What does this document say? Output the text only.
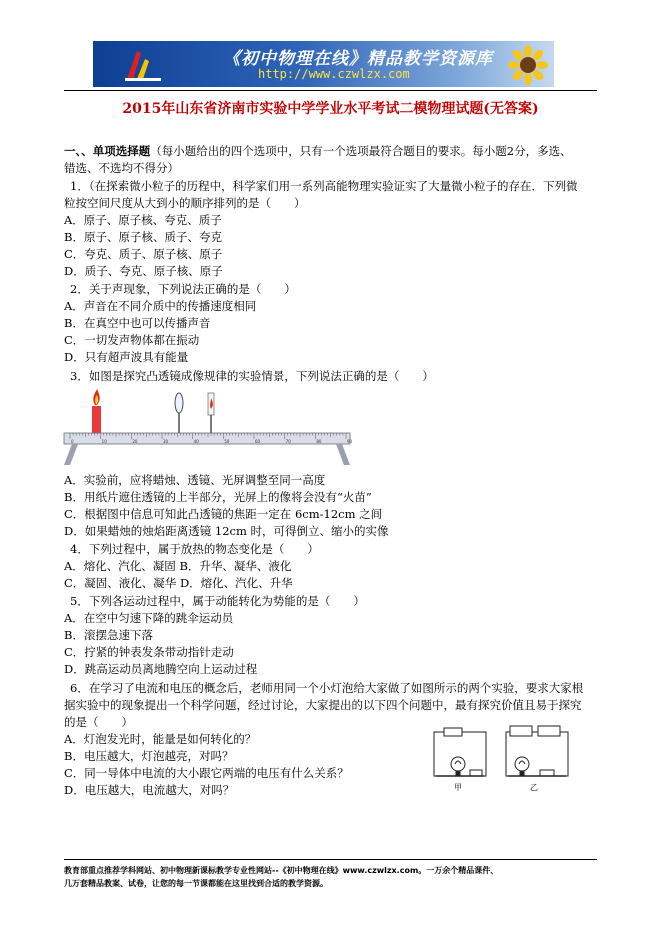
《初中物理在线》精品教学资源库
http://www.czwlzx.com
2015年山东省济南市实验中学学业水平考试二模物理试题(无答案)
一、、单项选择题（每小题给出的四个选项中，只有一个选项最符合题目的要求。每小题2分，多选、
错选、不选均不得分）
1．（在探索微小粒子的历程中，科学家们用一系列高能物理实验证实了大量微小粒子的存在．下列微
粒按空间尺度从大到小的顺序排列的是（　　）
A．原子、原子核、夸克、质子
B．原子、原子核、质子、夸克
C．夸克、质子、原子核、原子
D．质子、夸克、原子核、原子
2．关于声现象，下列说法正确的是（　　）
A．声音在不同介质中的传播速度相同
B．在真空中也可以传播声音
C．一切发声物体都在振动
D．只有超声波具有能量
3．如图是探究凸透镜成像规律的实验情景，下列说法正确的是（　　）
0	10	20	30	40	50	60	70	80	90
A．实验前，应将蜡烛、透镜、光屏调整至同一高度
B．用纸片遮住透镜的上半部分，光屏上的像将会没有“火苗”
C．根据图中信息可知此凸透镜的焦距一定在 6cm-12cm 之间
D．如果蜡烛的烛焰距离透镜 12cm 时，可得倒立、缩小的实像
4．下列过程中，属于放热的物态变化是（　　）
A．熔化、汽化、凝固 B．升华、凝华、液化
C．凝固、液化、凝华 D．熔化、汽化、升华
5．下列各运动过程中，属于动能转化为势能的是（　　）
A．在空中匀速下降的跳伞运动员
B．滚摆急速下落
C．拧紧的钟表发条带动指针走动
D．跳高运动员离地腾空向上运动过程
6．在学习了电流和电压的概念后，老师用同一个小灯泡给大家做了如图所示的两个实验，要求大家根
据实验中的现象提出一个科学问题，经过讨论，大家提出的以下四个问题中，最有探究价值且易于探究
的是（　　）
A．灯泡发光时，能量是如何转化的？
B．电压越大，灯泡越亮，对吗？
C．同一导体中电流的大小跟它两端的电压有什么关系？
D．电压越大，电流越大，对吗？	甲	乙
教育部重点推荐学科网站、初中物理新课标教学专业性网站--《初中物理在线》www.czwlzx.com。一万余个精品课件、
几万套精品教案、试卷，让您的每一节课都能在这里找到合适的教学资源。
